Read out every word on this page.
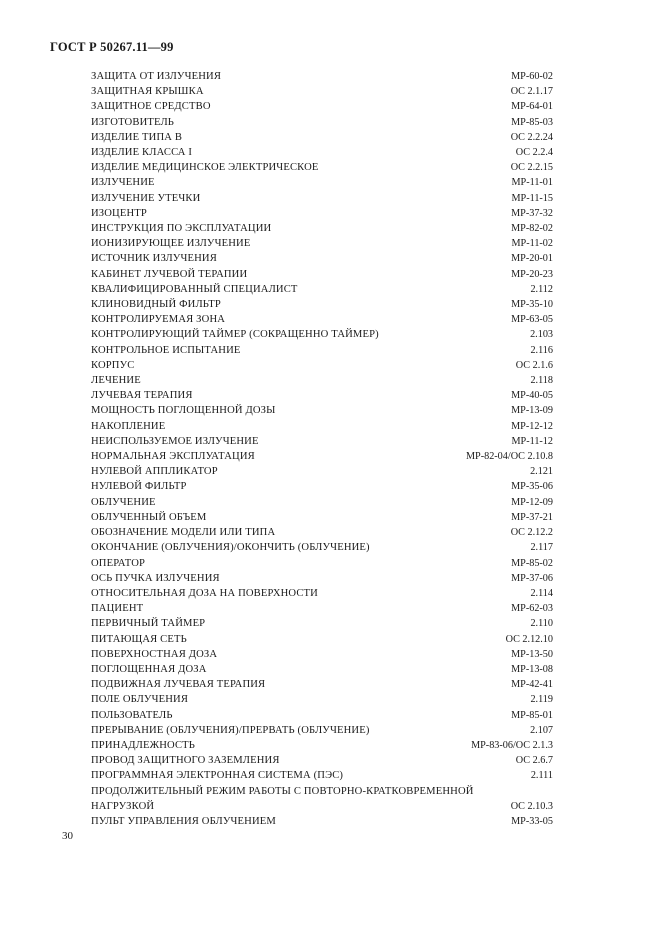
ГОСТ Р 50267.11—99
ЗАЩИТА ОТ ИЗЛУЧЕНИЯ	МР-60-02
ЗАЩИТНАЯ КРЫШКА	ОС 2.1.17
ЗАЩИТНОЕ СРЕДСТВО	МР-64-01
ИЗГОТОВИТЕЛЬ	МР-85-03
ИЗДЕЛИЕ ТИПА В	ОС 2.2.24
ИЗДЕЛИЕ КЛАССА I	ОС 2.2.4
ИЗДЕЛИЕ МЕДИЦИНСКОЕ ЭЛЕКТРИЧЕСКОЕ	ОС 2.2.15
ИЗЛУЧЕНИЕ	МР-11-01
ИЗЛУЧЕНИЕ УТЕЧКИ	МР-11-15
ИЗОЦЕНТР	МР-37-32
ИНСТРУКЦИЯ ПО ЭКСПЛУАТАЦИИ	МР-82-02
ИОНИЗИРУЮЩЕЕ ИЗЛУЧЕНИЕ	МР-11-02
ИСТОЧНИК ИЗЛУЧЕНИЯ	МР-20-01
КАБИНЕТ ЛУЧЕВОЙ ТЕРАПИИ	МР-20-23
КВАЛИФИЦИРОВАННЫЙ СПЕЦИАЛИСТ	2.112
КЛИНОВИДНЫЙ ФИЛЬТР	МР-35-10
КОНТРОЛИРУЕМАЯ ЗОНА	МР-63-05
КОНТРОЛИРУЮЩИЙ ТАЙМЕР (СОКРАЩЕННО ТАЙМЕР)	2.103
КОНТРОЛЬНОЕ ИСПЫТАНИЕ	2.116
КОРПУС	ОС 2.1.6
ЛЕЧЕНИЕ	2.118
ЛУЧЕВАЯ ТЕРАПИЯ	МР-40-05
МОЩНОСТЬ ПОГЛОЩЕННОЙ ДОЗЫ	МР-13-09
НАКОПЛЕНИЕ	МР-12-12
НЕИСПОЛЬЗУЕМОЕ ИЗЛУЧЕНИЕ	МР-11-12
НОРМАЛЬНАЯ ЭКСПЛУАТАЦИЯ	МР-82-04/ОС 2.10.8
НУЛЕВОЙ АППЛИКАТОР	2.121
НУЛЕВОЙ ФИЛЬТР	МР-35-06
ОБЛУЧЕНИЕ	МР-12-09
ОБЛУЧЕННЫЙ ОБЪЕМ	МР-37-21
ОБОЗНАЧЕНИЕ МОДЕЛИ ИЛИ ТИПА	ОС 2.12.2
ОКОНЧАНИЕ (ОБЛУЧЕНИЯ)/ОКОНЧИТЬ (ОБЛУЧЕНИЕ)	2.117
ОПЕРАТОР	МР-85-02
ОСЬ ПУЧКА ИЗЛУЧЕНИЯ	МР-37-06
ОТНОСИТЕЛЬНАЯ ДОЗА НА ПОВЕРХНОСТИ	2.114
ПАЦИЕНТ	МР-62-03
ПЕРВИЧНЫЙ ТАЙМЕР	2.110
ПИТАЮЩАЯ СЕТЬ	ОС 2.12.10
ПОВЕРХНОСТНАЯ ДОЗА	МР-13-50
ПОГЛОЩЕННАЯ ДОЗА	МР-13-08
ПОДВИЖНАЯ ЛУЧЕВАЯ ТЕРАПИЯ	МР-42-41
ПОЛЕ ОБЛУЧЕНИЯ	2.119
ПОЛЬЗОВАТЕЛЬ	МР-85-01
ПРЕРЫВАНИЕ (ОБЛУЧЕНИЯ)/ПРЕРВАТЬ (ОБЛУЧЕНИЕ)	2.107
ПРИНАДЛЕЖНОСТЬ	МР-83-06/ОС 2.1.3
ПРОВОД ЗАЩИТНОГО ЗАЗЕМЛЕНИЯ	ОС 2.6.7
ПРОГРАММНАЯ ЭЛЕКТРОННАЯ СИСТЕМА (ПЭС)	2.111
ПРОДОЛЖИТЕЛЬНЫЙ РЕЖИМ РАБОТЫ С ПОВТОРНО-КРАТКОВРЕМЕННОЙ НАГРУЗКОЙ	ОС 2.10.3
ПУЛЬТ УПРАВЛЕНИЯ ОБЛУЧЕНИЕМ	МР-33-05
30
